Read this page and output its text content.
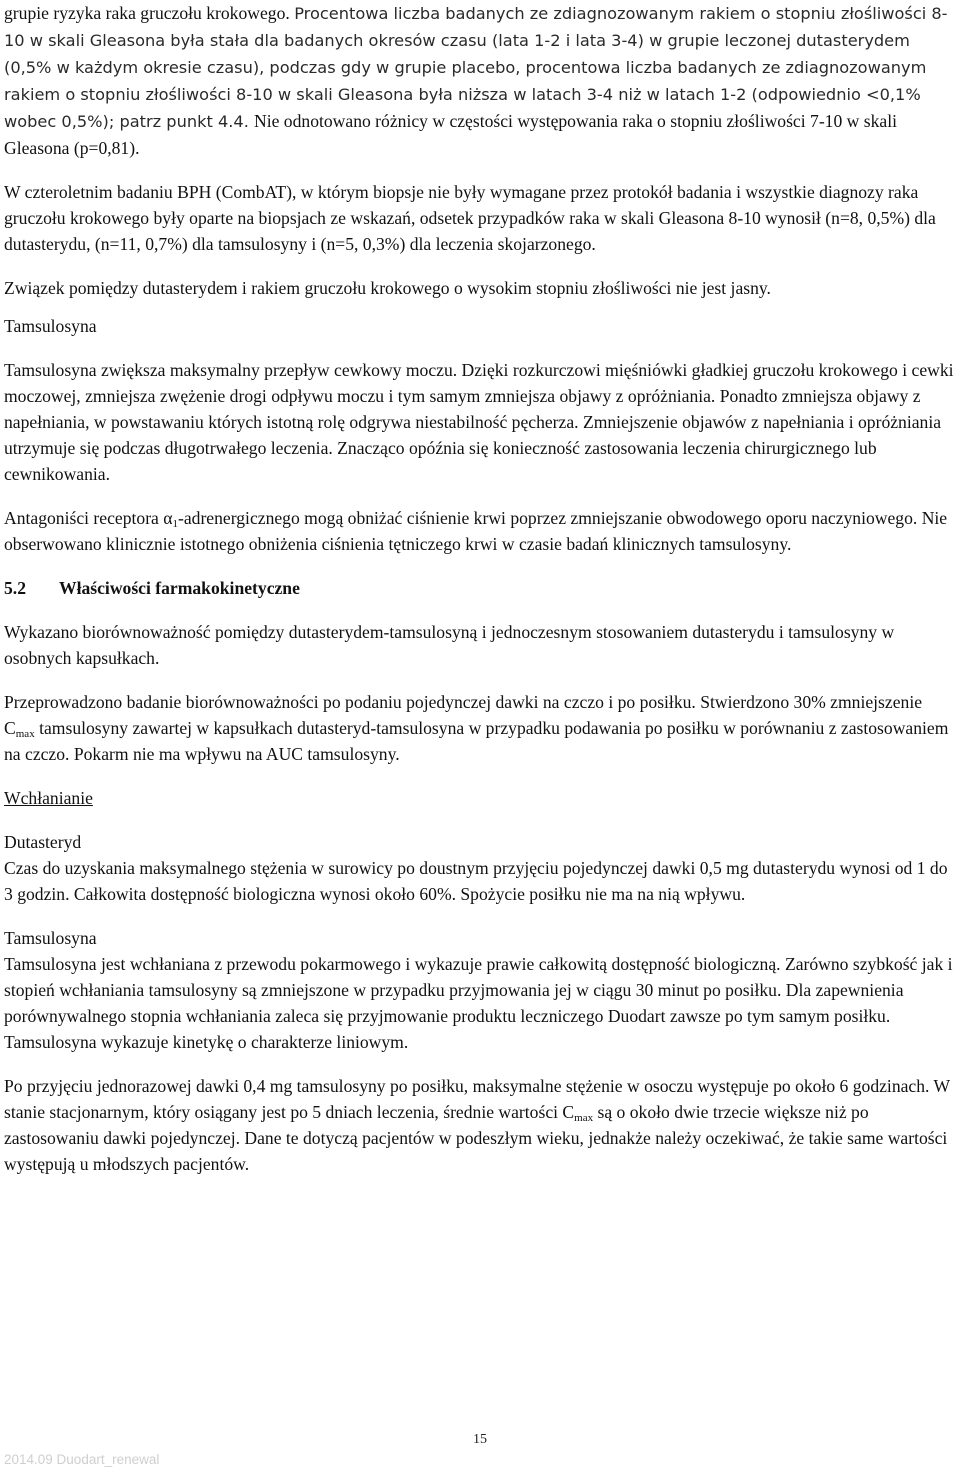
grupie ryzyka raka gruczołu krokowego. Procentowa liczba badanych ze zdiagnozowanym rakiem o stopniu złośliwości 8-10 w skali Gleasona była stała dla badanych okresów czasu (lata 1-2 i lata 3-4) w grupie leczonej dutasterydem (0,5% w każdym okresie czasu), podczas gdy w grupie placebo, procentowa liczba badanych ze zdiagnozowanym rakiem o stopniu złośliwości 8-10 w skali Gleasona była niższa w latach 3-4 niż w latach 1-2 (odpowiednio <0,1% wobec 0,5%); patrz punkt 4.4. Nie odnotowano różnicy w częstości występowania raka o stopniu złośliwości 7-10 w skali Gleasona (p=0,81).

W czteroletnim badaniu BPH (CombAT), w którym biopsje nie były wymagane przez protokół badania i wszystkie diagnozy raka gruczołu krokowego były oparte na biopsjach ze wskazań, odsetek przypadków raka w skali Gleasona 8-10 wynosił (n=8, 0,5%) dla dutasterydu, (n=11, 0,7%) dla tamsulosyny i (n=5, 0,3%) dla leczenia skojarzonego.

Związek pomiędzy dutasterydem i rakiem gruczołu krokowego o wysokim stopniu złośliwości nie jest jasny.

Tamsulosyna

Tamsulosyna zwiększa maksymalny przepływ cewkowy moczu. Dzięki rozkurczowi mięśniówki gładkiej gruczołu krokowego i cewki moczowej, zmniejsza zwężenie drogi odpływu moczu i tym samym zmniejsza objawy z opróżniania. Ponadto zmniejsza objawy z napełniania, w powstawaniu których istotną rolę odgrywa niestabilność pęcherza. Zmniejszenie objawów z napełniania i opróżniania utrzymuje się podczas długotrwałego leczenia. Znacząco opóźnia się konieczność zastosowania leczenia chirurgicznego lub cewnikowania.

Antagoniści receptora $\alpha_1$-adrenergicznego mogą obniżać ciśnienie krwi poprzez zmniejszanie obwodowego oporu naczyniowego. Nie obserwowano klinicznie istotnego obniżenia ciśnienia tętniczego krwi w czasie badań klinicznych tamsulosyny.

5.2 Właściwości farmakokinetyczne

Wykazano biorównoważność pomiędzy dutasterydem-tamsulosyną i jednoczesnym stosowaniem dutasterydu i tamsulosyny w osobnych kapsułkach.

Przeprowadzono badanie biorównoważności po podaniu pojedynczej dawki na czczo i po posiłku. Stwierdzono 30% zmniejszenie $C_{max}$ tamsulosyny zawartej w kapsułkach dutasteryd-tamsulosyna w przypadku podawania po posiłku w porównaniu z zastosowaniem na czczo. Pokarm nie ma wpływu na AUC tamsulosyny.

Wchłanianie

Dutasteryd

Czas do uzyskania maksymalnego stężenia w surowicy po doustnym przyjęciu pojedynczej dawki 0,5 mg dutasterydu wynosi od 1 do 3 godzin. Całkowita dostępność biologiczna wynosi około 60%. Spożycie posiłku nie ma na nią wpływu.

Tamsulosyna

Tamsulosyna jest wchłaniana z przewodu pokarmowego i wykazuje prawie całkowitą dostępność biologiczną. Zarówno szybkość jak i stopień wchłaniania tamsulosyny są zmniejszone w przypadku przyjmowania jej w ciągu 30 minut po posiłku. Dla zapewnienia porównywalnego stopnia wchłaniania zaleca się przyjmowanie produktu leczniczego Duodart zawsze po tym samym posiłku. Tamsulosyna wykazuje kinetykę o charakterze liniowym.

Po przyjęciu jednorazowej dawki 0,4 mg tamsulosyny po posiłku, maksymalne stężenie w osoczu występuje po około 6 godzinach. W stanie stacjonarnym, który osiągany jest po 5 dniach leczenia, średnie wartości $C_{max}$ są o około dwie trzecie większe niż po zastosowaniu dawki pojedynczej. Dane te dotyczą pacjentów w podeszłym wieku, jednakże należy oczekiwać, że takie same wartości występują u młodszych pacjentów.

15
2014.09 Duodart_renewal
